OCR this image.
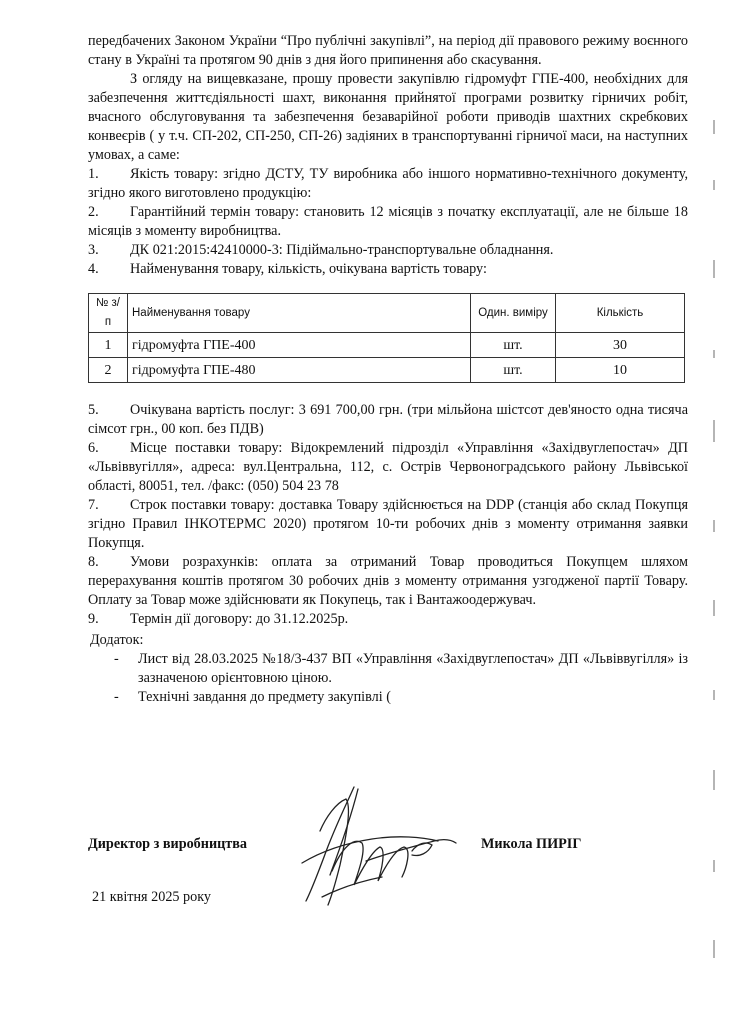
передбачених Законом України “Про публічні закупівлі”, на період дії правового режиму воєнного стану в Україні та протягом 90 днів з дня його припинення або скасування.

З огляду на вищевказане, прошу провести закупівлю гідромуфт ГПЕ-400, необхідних для забезпечення життєдіяльності шахт, виконання прийнятої програми розвитку гірничих робіт, вчасного обслуговування та забезпечення безаварійної роботи приводів шахтних скребкових конвеєрів ( у т.ч. СП-202, СП-250, СП-26) задіяних в транспортуванні гірничої маси, на наступних умовах, а саме:

1. Якість товару: згідно ДСТУ, ТУ виробника або іншого нормативно-технічного документу, згідно якого виготовлено продукцію:

2. Гарантійний термін товару: становить 12 місяців з початку експлуатації, але не більше 18 місяців з моменту виробництва.

3. ДК 021:2015:42410000-3: Підіймально-транспортувальне обладнання.

4. Найменування товару, кількість, очікувана вартість товару:

№ з/п	Найменування товару	Один. виміру	Кількість
1	гідромуфта ГПЕ-400	шт.	30
2	гідромуфта ГПЕ-480	шт.	10

5. Очікувана вартість послуг: 3 691 700,00 грн. (три мільйона шістсот дев'яносто одна тисяча сімсот грн., 00 коп. без ПДВ)

6. Місце поставки товару: Відокремлений підрозділ «Управління «Західвуглепостач» ДП «Львіввугілля», адреса: вул.Центральна, 112, с. Острів Червоноградського району Львівської області, 80051, тел. /факс: (050) 504 23 78

7. Строк поставки товару: доставка Товару здійснюється на DDP (станція або склад Покупця згідно Правил ІНКОТЕРМС 2020) протягом 10-ти робочих днів з моменту отримання заявки Покупця.

8. Умови розрахунків: оплата за отриманий Товар проводиться Покупцем шляхом перерахування коштів протягом 30 робочих днів з моменту отримання узгодженої партії Товару. Оплату за Товар може здійснювати як Покупець, так і Вантажоодержувач.

9. Термін дії договору: до 31.12.2025р.

Додаток:

- Лист від 28.03.2025 №18/3-437 ВП «Управління «Західвуглепостач» ДП «Львіввугілля» із зазначеною орієнтовною ціною.

- Технічні завдання до предмету закупівлі (

Директор з виробництва	Микола ПИРІГ
21 квітня 2025 року
